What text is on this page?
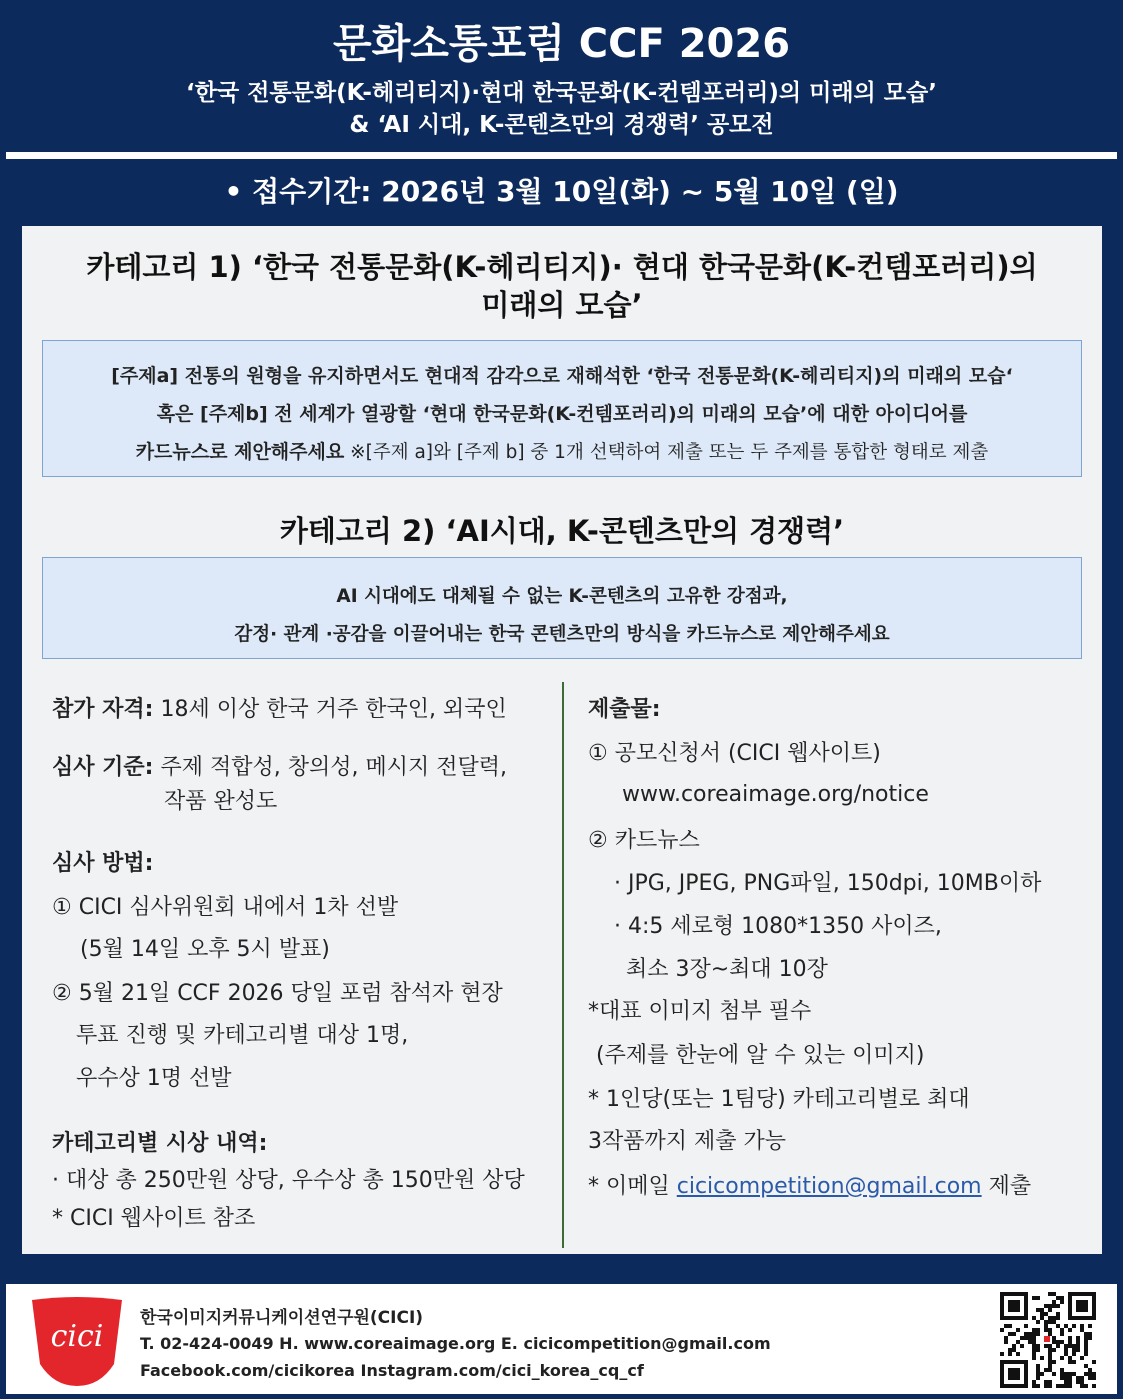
문화소통포럼 CCF 2026
‘한국 전통문화(K-헤리티지)·현대 한국문화(K-컨템포러리)의 미래의 모습’
& ‘AI 시대, K-콘텐츠만의 경쟁력’ 공모전
• 접수기간: 2026년 3월 10일(화) ~ 5월 10일 (일)
카테고리 1) ‘한국 전통문화(K-헤리티지)· 현대 한국문화(K-컨템포러리)의
미래의 모습’
[주제a] 전통의 원형을 유지하면서도 현대적 감각으로 재해석한 ‘한국 전통문화(K-헤리티지)의 미래의 모습‘
혹은 [주제b] 전 세계가 열광할 ‘현대 한국문화(K-컨템포러리)의 미래의 모습’에 대한 아이디어를
카드뉴스로 제안해주세요 ※[주제 a]와 [주제 b] 중 1개 선택하여 제출 또는 두 주제를 통합한 형태로 제출
카테고리 2) ‘AI시대, K-콘텐츠만의 경쟁력’
AI 시대에도 대체될 수 없는 K-콘텐츠의 고유한 강점과,
감정· 관계 ·공감을 이끌어내는 한국 콘텐츠만의 방식을 카드뉴스로 제안해주세요
참가 자격: 18세 이상 한국 거주 한국인, 외국인
심사 기준: 주제 적합성, 창의성, 메시지 전달력,
작품 완성도
심사 방법:
① CICI 심사위원회 내에서 1차 선발
(5월 14일 오후 5시 발표)
② 5월 21일 CCF 2026 당일 포럼 참석자 현장
투표 진행 및 카테고리별 대상 1명,
우수상 1명 선발
카테고리별 시상 내역:
· 대상 총 250만원 상당, 우수상 총 150만원 상당
* CICI 웹사이트 참조
제출물:
① 공모신청서 (CICI 웹사이트)
www.coreaimage.org/notice
② 카드뉴스
· JPG, JPEG, PNG파일, 150dpi, 10MB이하
· 4:5 세로형 1080*1350 사이즈,
최소 3장~최대 10장
*대표 이미지 첨부 필수
(주제를 한눈에 알 수 있는 이미지)
* 1인당(또는 1팀당) 카테고리별로 최대
3작품까지 제출 가능
* 이메일 cicicompetition@gmail.com 제출
cici
한국이미지커뮤니케이션연구원(CICI)
T. 02-424-0049 H. www.coreaimage.org E. cicicompetition@gmail.com
Facebook.com/cicikorea Instagram.com/cici_korea_cq_cf
